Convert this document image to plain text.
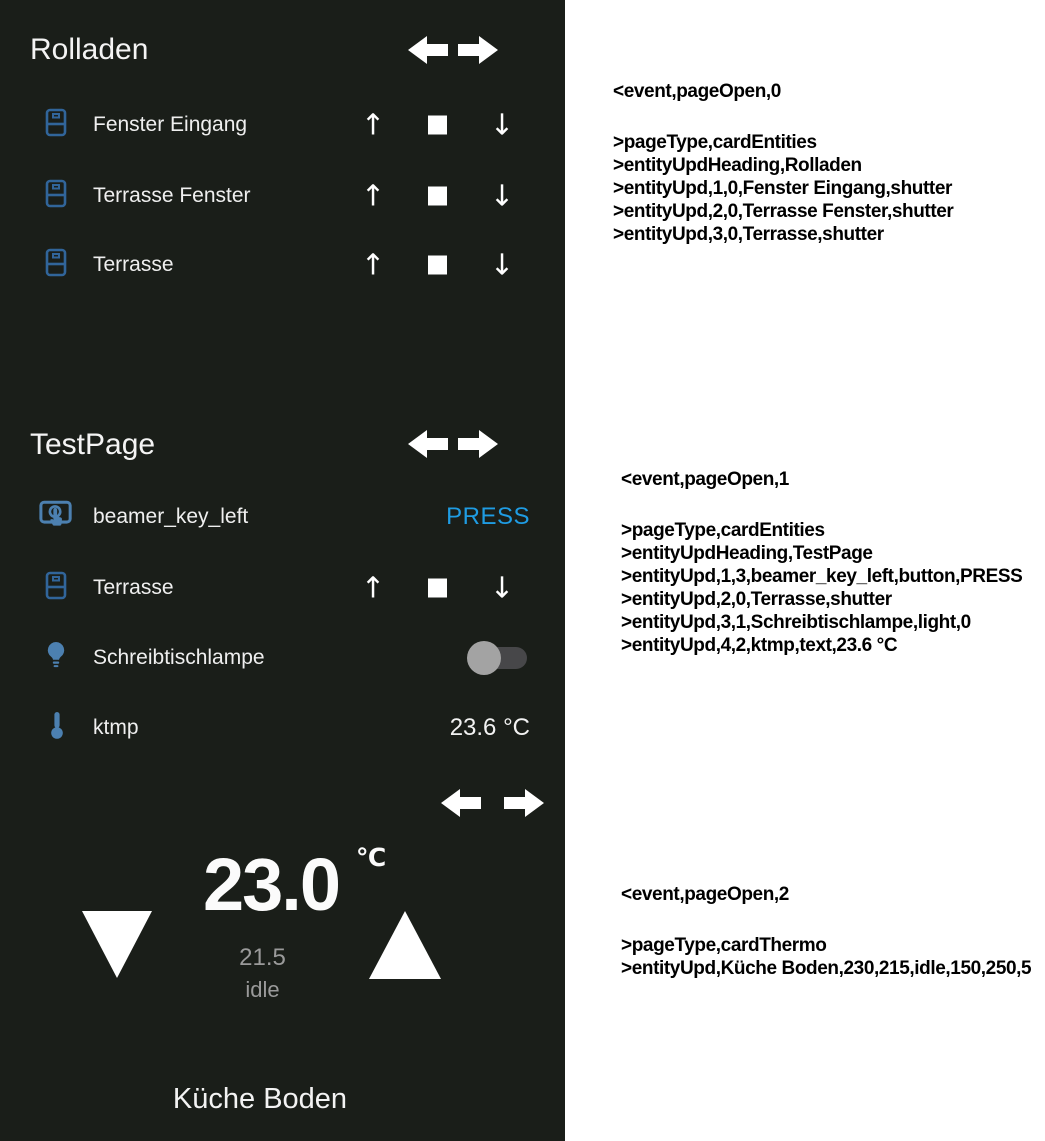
Rolladen
Fenster Eingang	↑	↓
Terrasse Fenster	↑	↓
Terrasse	↑	↓
TestPage
beamer_key_left	PRESS
Terrasse	↑	↓
Schreibtischlampe
ktmp	23.6 °C
23.0 ℃
21.5
idle
Küche Boden
<event,pageOpen,0
>pageType,cardEntities
>entityUpdHeading,Rolladen
>entityUpd,1,0,Fenster Eingang,shutter
>entityUpd,2,0,Terrasse Fenster,shutter
>entityUpd,3,0,Terrasse,shutter
<event,pageOpen,1
>pageType,cardEntities
>entityUpdHeading,TestPage
>entityUpd,1,3,beamer_key_left,button,PRESS
>entityUpd,2,0,Terrasse,shutter
>entityUpd,3,1,Schreibtischlampe,light,0
>entityUpd,4,2,ktmp,text,23.6 °C
<event,pageOpen,2
>pageType,cardThermo
>entityUpd,Küche Boden,230,215,idle,150,250,5
